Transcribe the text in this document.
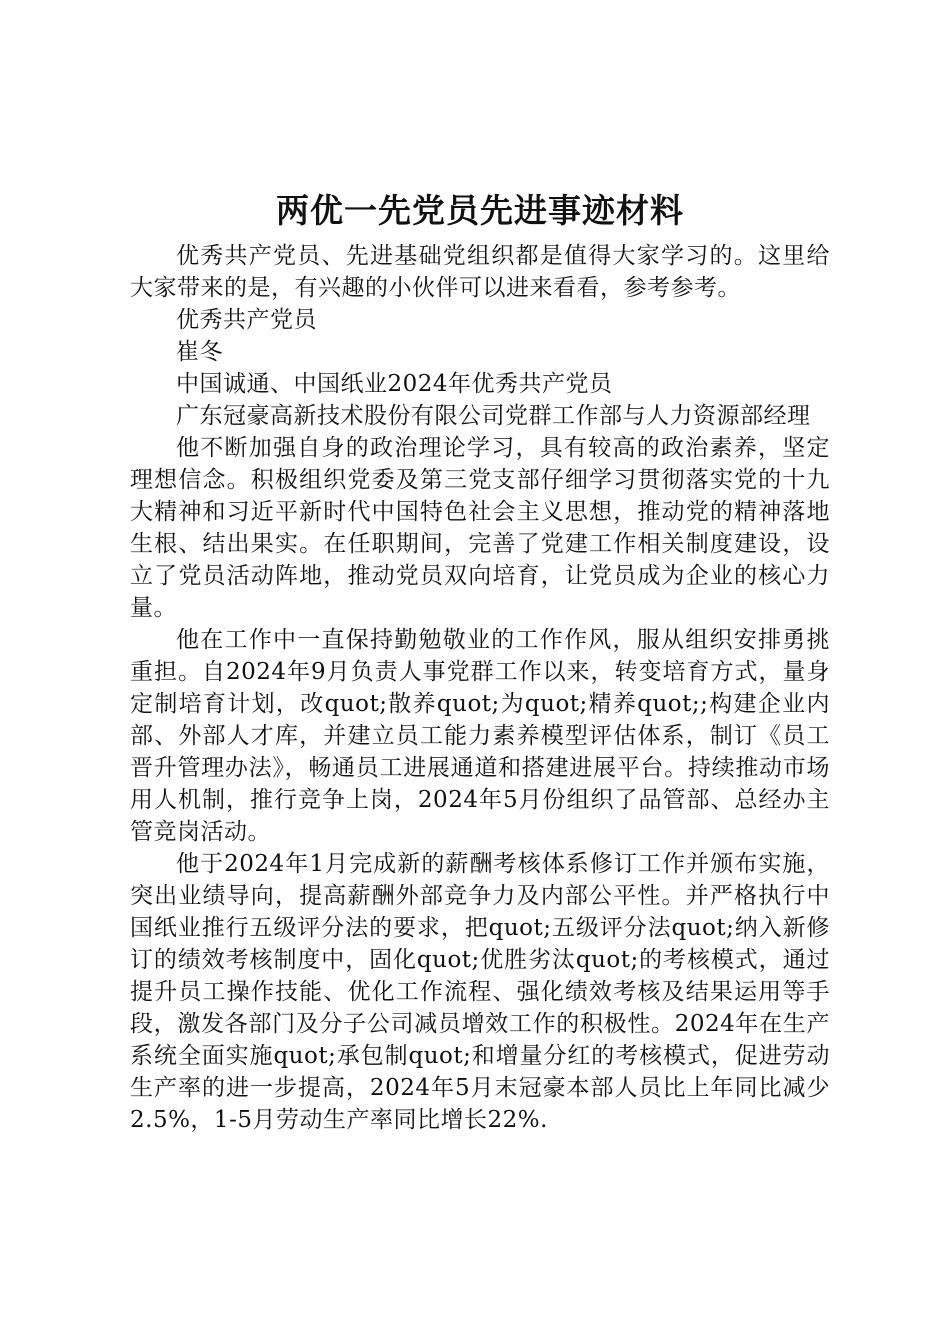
两优一先党员先进事迹材料

优秀共产党员、先进基础党组织都是值得大家学习的。这里给大家带来的是，有兴趣的小伙伴可以进来看看，参考参考。

优秀共产党员

崔冬

中国诚通、中国纸业2024年优秀共产党员

广东冠豪高新技术股份有限公司党群工作部与人力资源部经理

他不断加强自身的政治理论学习，具有较高的政治素养，坚定理想信念。积极组织党委及第三党支部仔细学习贯彻落实党的十九大精神和习近平新时代中国特色社会主义思想，推动党的精神落地生根、结出果实。在任职期间，完善了党建工作相关制度建设，设立了党员活动阵地，推动党员双向培育，让党员成为企业的核心力量。

他在工作中一直保持勤勉敬业的工作作风，服从组织安排勇挑重担。自2024年9月负责人事党群工作以来，转变培育方式，量身定制培育计划，改quot;散养quot;为quot;精养quot;;构建企业内部、外部人才库，并建立员工能力素养模型评估体系，制订《员工晋升管理办法》，畅通员工进展通道和搭建进展平台。持续推动市场用人机制，推行竞争上岗，2024年5月份组织了品管部、总经办主管竞岗活动。

他于2024年1月完成新的薪酬考核体系修订工作并颁布实施，突出业绩导向，提高薪酬外部竞争力及内部公平性。并严格执行中国纸业推行五级评分法的要求，把quot;五级评分法quot;纳入新修订的绩效考核制度中，固化quot;优胜劣汰quot;的考核模式，通过提升员工操作技能、优化工作流程、强化绩效考核及结果运用等手段，激发各部门及分子公司减员增效工作的积极性。2024年在生产系统全面实施quot;承包制quot;和增量分红的考核模式，促进劳动生产率的进一步提高，2024年5月末冠豪本部人员比上年同比减少2.5%，1-5月劳动生产率同比增长22%.
